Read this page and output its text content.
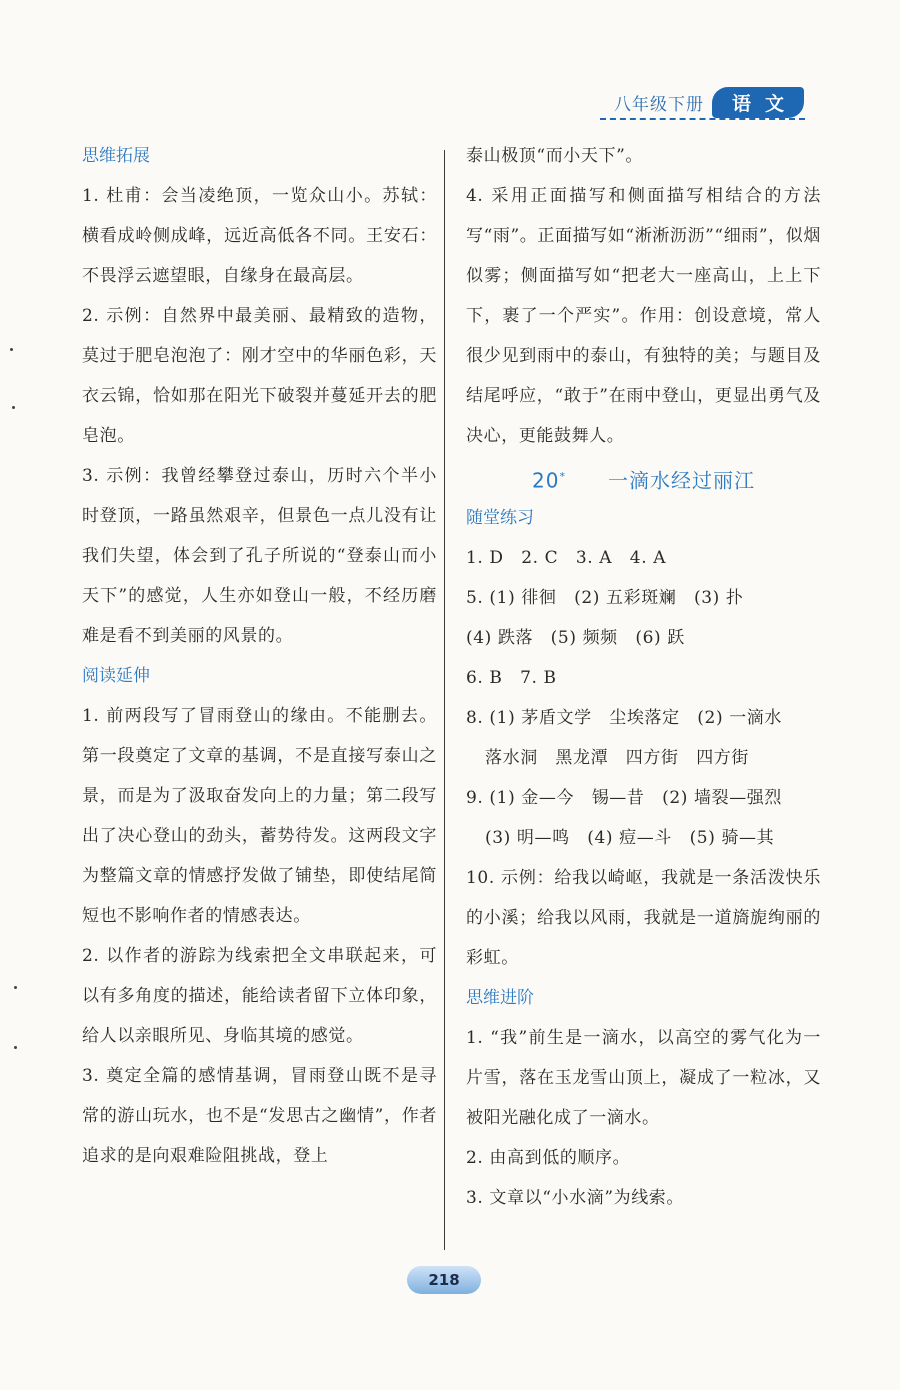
八年级下册	语文
思维拓展
1. 杜甫：会当凌绝顶，一览众山小。苏轼：横看成岭侧成峰，远近高低各不同。王安石：不畏浮云遮望眼，自缘身在最高层。
2. 示例：自然界中最美丽、最精致的造物，莫过于肥皂泡泡了：刚才空中的华丽色彩，天衣云锦，恰如那在阳光下破裂并蔓延开去的肥皂泡。
3. 示例：我曾经攀登过泰山，历时六个半小时登顶，一路虽然艰辛，但景色一点儿没有让我们失望，体会到了孔子所说的“登泰山而小天下”的感觉，人生亦如登山一般，不经历磨难是看不到美丽的风景的。
阅读延伸
1. 前两段写了冒雨登山的缘由。不能删去。第一段奠定了文章的基调，不是直接写泰山之景，而是为了汲取奋发向上的力量；第二段写出了决心登山的劲头，蓄势待发。这两段文字为整篇文章的情感抒发做了铺垫，即使结尾简短也不影响作者的情感表达。
2. 以作者的游踪为线索把全文串联起来，可以有多角度的描述，能给读者留下立体印象，给人以亲眼所见、身临其境的感觉。
3. 奠定全篇的感情基调，冒雨登山既不是寻常的游山玩水，也不是“发思古之幽情”，作者追求的是向艰难险阻挑战，登上
泰山极顶“而小天下”。
4. 采用正面描写和侧面描写相结合的方法写“雨”。正面描写如“淅淅沥沥”“细雨”，似烟似雾；侧面描写如“把老大一座高山，上上下下，裹了一个严实”。作用：创设意境，常人很少见到雨中的泰山，有独特的美；与题目及结尾呼应，“敢于”在雨中登山，更显出勇气及决心，更能鼓舞人。
20*　　 一滴水经过丽江
随堂练习
1. D　2. C　3. A　4. A
5. (1) 徘徊　(2) 五彩斑斓　(3) 扑
(4) 跌落　(5) 频频　(6) 跃
6. B　7. B
8. (1) 茅盾文学　尘埃落定　(2) 一滴水
落水洞　黑龙潭　四方街　四方街
9. (1) 金—今　锡—昔　(2) 墙裂—强烈
(3) 明—鸣　(4) 痘—斗　(5) 骑—其
10. 示例：给我以崎岖，我就是一条活泼快乐的小溪；给我以风雨，我就是一道旖旎绚丽的彩虹。
思维进阶
1. “我”前生是一滴水，以高空的雾气化为一片雪，落在玉龙雪山顶上，凝成了一粒冰，又被阳光融化成了一滴水。
2. 由高到低的顺序。
3. 文章以“小水滴”为线索。
218
